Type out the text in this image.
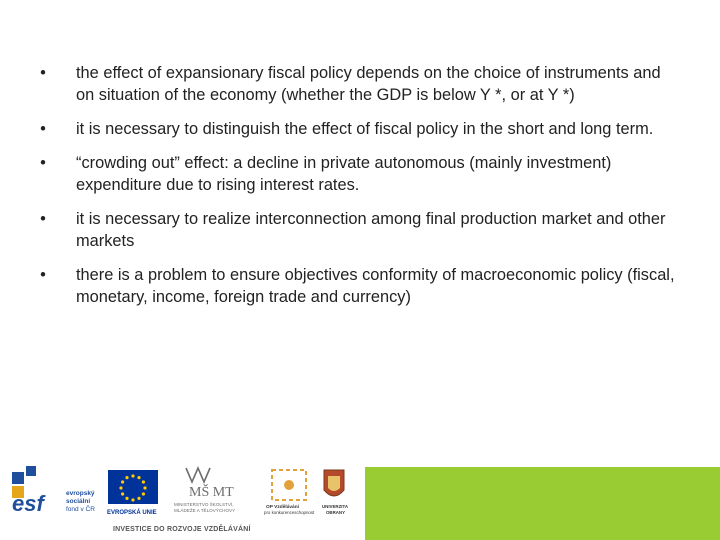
•	the effect of expansionary fiscal policy depends on the choice of instruments and on situation of the economy (whether the GDP is below Y *, or at Y *)
•	it is necessary to distinguish the effect of fiscal policy in the short and long term.
•	“crowding out” effect: a decline in private autonomous (mainly investment) expenditure due to rising interest rates.
•	it is necessary to realize interconnection among final production market and other markets
•	there is a problem to ensure objectives conformity of macroeconomic policy (fiscal, monetary, income, foreign trade and currency)
esf	evropský
sociální
fond v ČR EVROPSKÁ UNIE
MŠ MT
MINISTERSTVO ŠKOLSTVÍ,
MLÁDEŽE A TĚLOVÝCHOVY
OP Vzdělávání
pro konkurenceschopnost
UNIVERZITA
OBRANY
INVESTICE DO ROZVOJE VZDĚLÁVÁNÍ
